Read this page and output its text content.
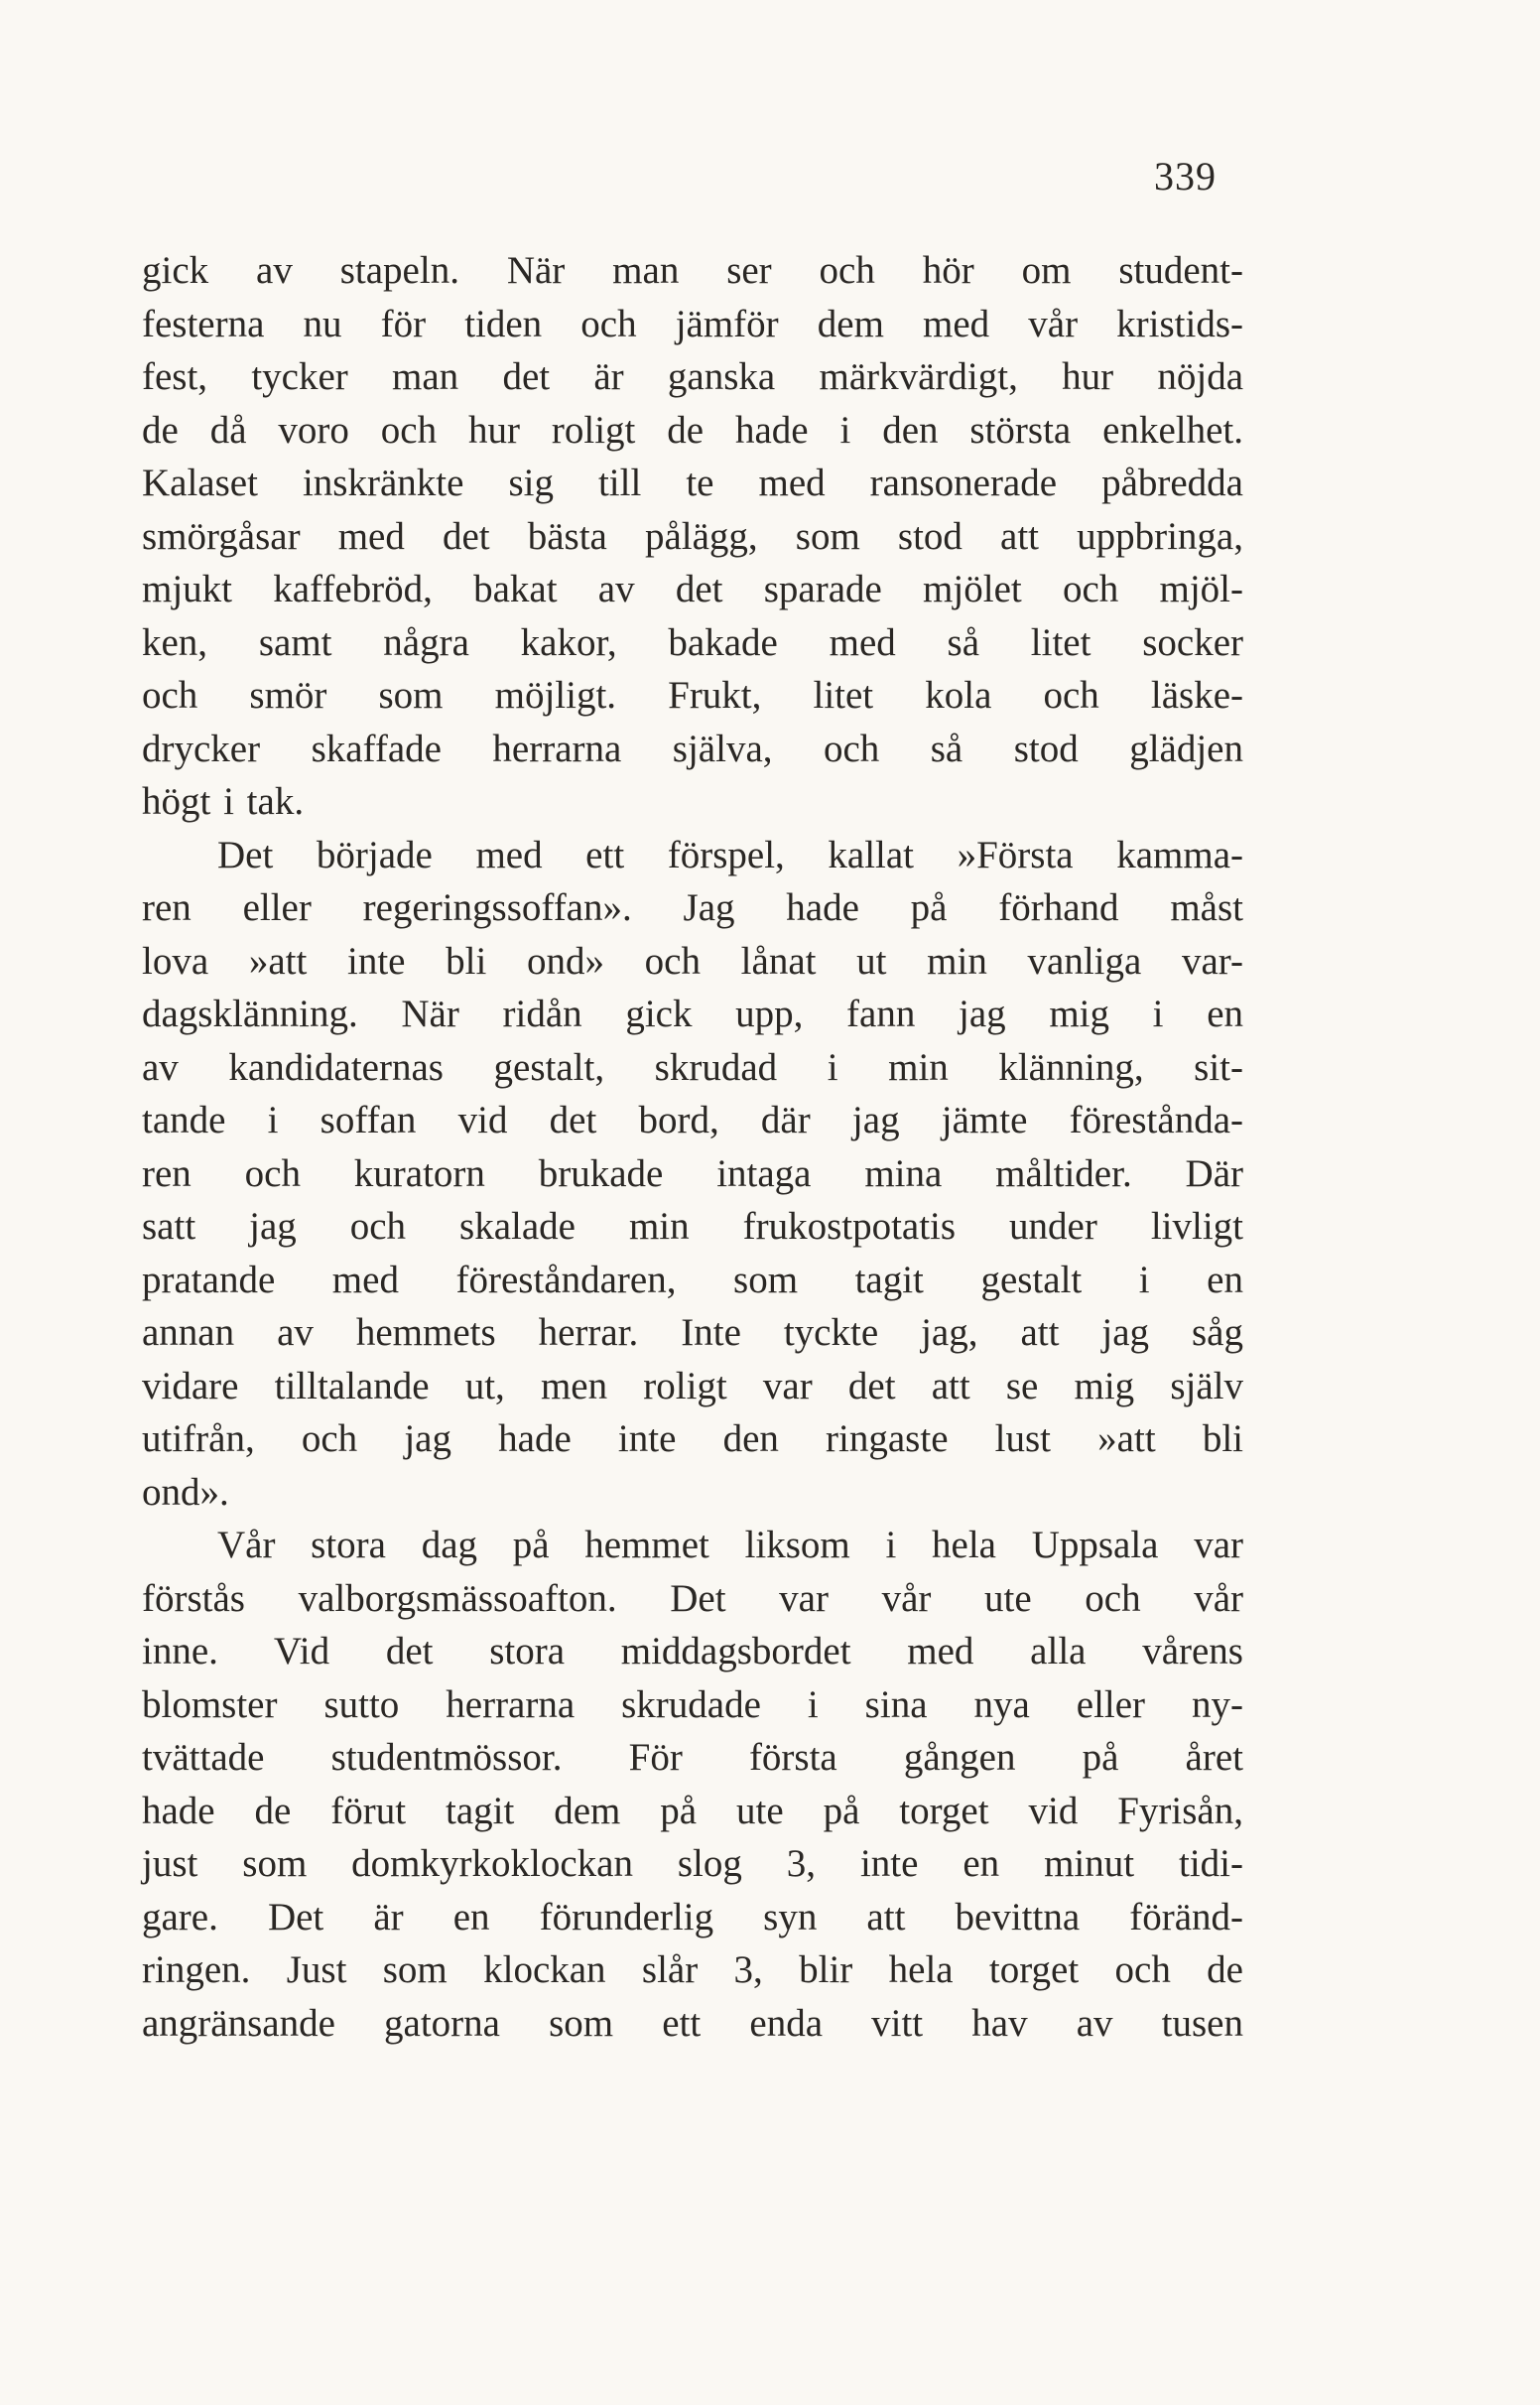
339
gick av stapeln. När man ser och hör om student-
festerna nu för tiden och jämför dem med vår kristids-
fest, tycker man det är ganska märkvärdigt, hur nöjda
de då voro och hur roligt de hade i den största enkelhet.
Kalaset inskränkte sig till te med ransonerade påbredda
smörgåsar med det bästa pålägg, som stod att uppbringa,
mjukt kaffebröd, bakat av det sparade mjölet och mjöl-
ken, samt några kakor, bakade med så litet socker
och smör som möjligt. Frukt, litet kola och läske-
drycker skaffade herrarna själva, och så stod glädjen
högt i tak.
Det började med ett förspel, kallat »Första kamma-
ren eller regeringssoffan». Jag hade på förhand måst
lova »att inte bli ond» och lånat ut min vanliga var-
dagsklänning. När ridån gick upp, fann jag mig i en
av kandidaternas gestalt, skrudad i min klänning, sit-
tande i soffan vid det bord, där jag jämte förestånda-
ren och kuratorn brukade intaga mina måltider. Där
satt jag och skalade min frukostpotatis under livligt
pratande med föreståndaren, som tagit gestalt i en
annan av hemmets herrar. Inte tyckte jag, att jag såg
vidare tilltalande ut, men roligt var det att se mig själv
utifrån, och jag hade inte den ringaste lust »att bli
ond».
Vår stora dag på hemmet liksom i hela Uppsala var
förstås valborgsmässoafton. Det var vår ute och vår
inne. Vid det stora middagsbordet med alla vårens
blomster sutto herrarna skrudade i sina nya eller ny-
tvättade studentmössor. För första gången på året
hade de förut tagit dem på ute på torget vid Fyrisån,
just som domkyrkoklockan slog 3, inte en minut tidi-
gare. Det är en förunderlig syn att bevittna föränd-
ringen. Just som klockan slår 3, blir hela torget och de
angränsande gatorna som ett enda vitt hav av tusen
